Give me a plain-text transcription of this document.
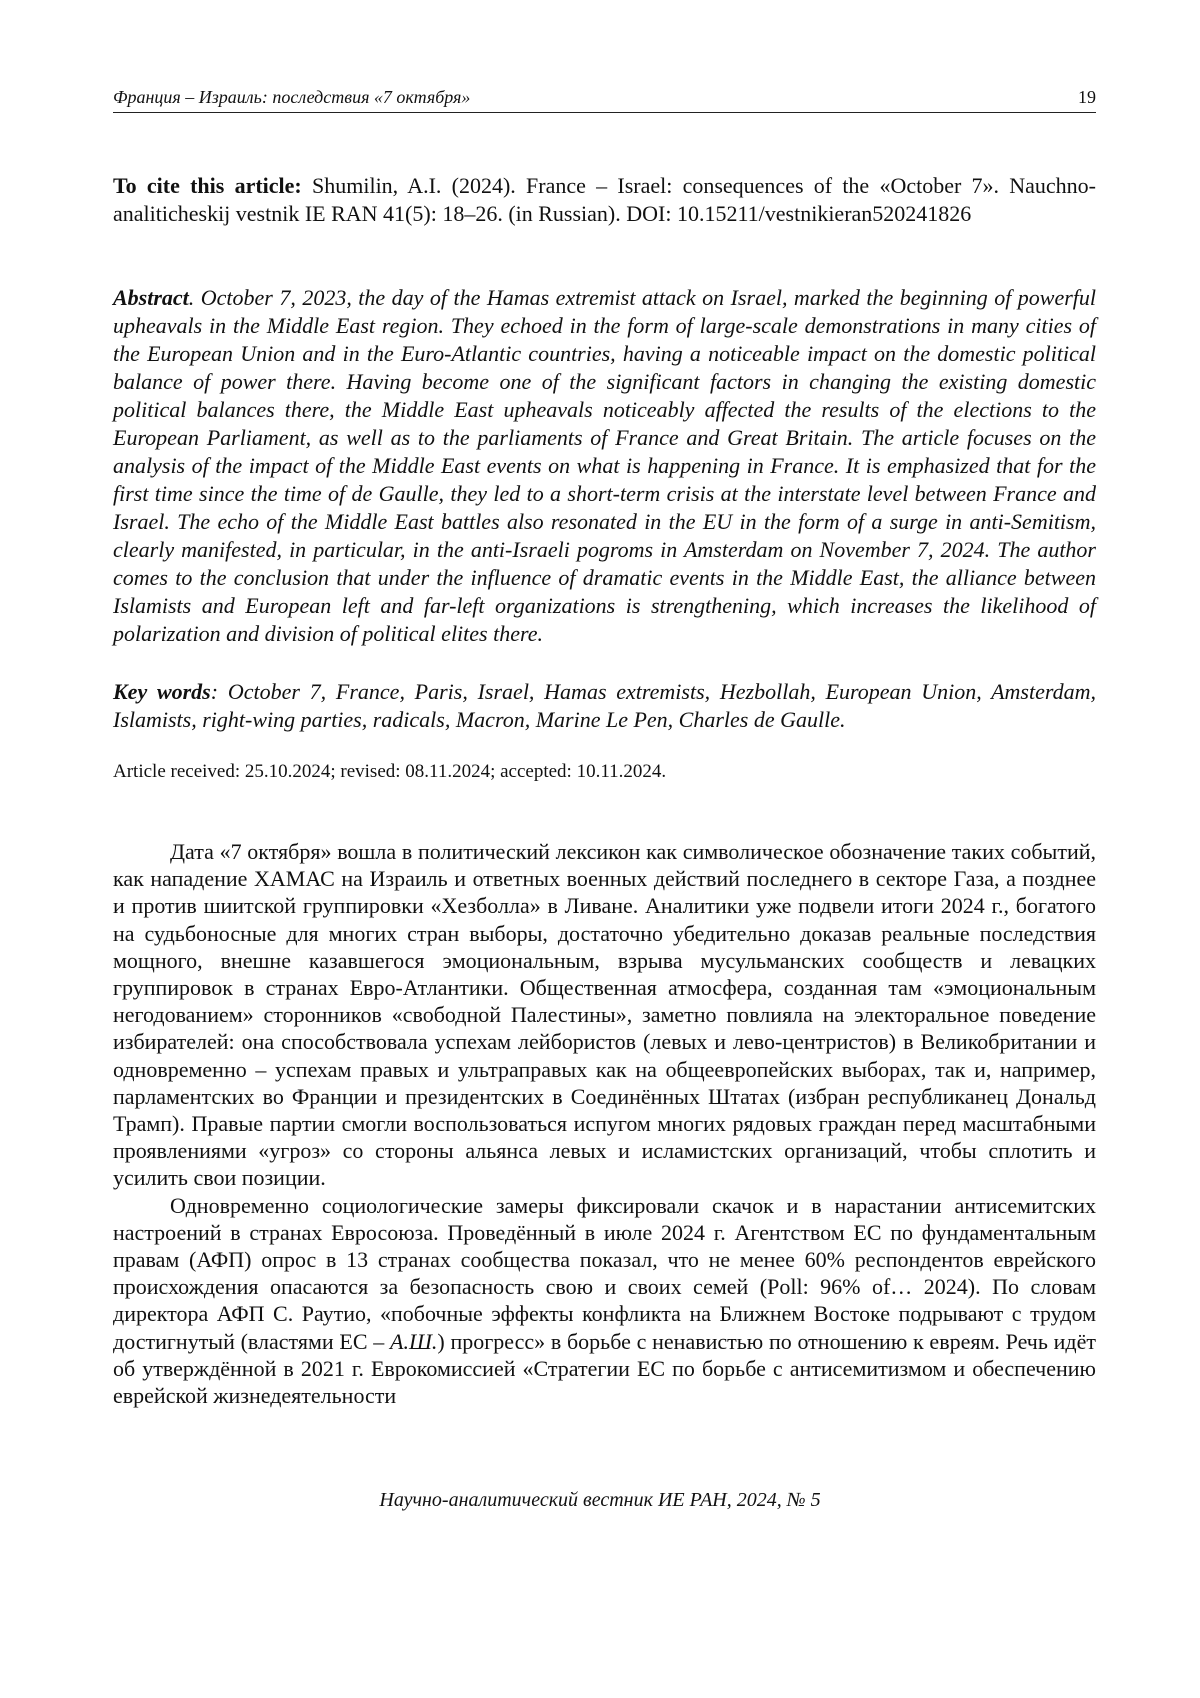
Франция – Израиль: последствия «7 октября»	19
To cite this article: Shumilin, A.I. (2024). France – Israel: consequences of the «October 7». Nauchno-analiticheskij vestnik IE RAN 41(5): 18–26. (in Russian). DOI: 10.15211/vestnikieran520241826
Abstract. October 7, 2023, the day of the Hamas extremist attack on Israel, marked the beginning of powerful upheavals in the Middle East region. They echoed in the form of large-scale demonstrations in many cities of the European Union and in the Euro-Atlantic countries, having a noticeable impact on the domestic political balance of power there. Having become one of the significant factors in changing the existing domestic political balances there, the Middle East upheavals noticeably affected the results of the elections to the European Parliament, as well as to the parliaments of France and Great Britain. The article focuses on the analysis of the impact of the Middle East events on what is happening in France. It is emphasized that for the first time since the time of de Gaulle, they led to a short-term crisis at the interstate level between France and Israel. The echo of the Middle East battles also resonated in the EU in the form of a surge in anti-Semitism, clearly manifested, in particular, in the anti-Israeli pogroms in Amsterdam on November 7, 2024. The author comes to the conclusion that under the influence of dramatic events in the Middle East, the alliance between Islamists and European left and far-left organizations is strengthening, which increases the likelihood of polarization and division of political elites there.
Key words: October 7, France, Paris, Israel, Hamas extremists, Hezbollah, European Union, Amsterdam, Islamists, right-wing parties, radicals, Macron, Marine Le Pen, Charles de Gaulle.
Article received: 25.10.2024; revised: 08.11.2024; accepted: 10.11.2024.

Дата «7 октября» вошла в политический лексикон как символическое обозначение таких событий, как нападение ХАМАС на Израиль и ответных военных действий последнего в секторе Газа, а позднее и против шиитской группировки «Хезболла» в Ливане. Аналитики уже подвели итоги 2024 г., богатого на судьбоносные для многих стран выборы, достаточно убедительно доказав реальные последствия мощного, внешне казавшегося эмоциональным, взрыва мусульманских сообществ и левацких группировок в странах Евро-Атлантики. Общественная атмосфера, созданная там «эмоциональным негодованием» сторонников «свободной Палестины», заметно повлияла на электоральное поведение избирателей: она способствовала успехам лейбористов (левых и лево-центристов) в Великобритании и одновременно – успехам правых и ультраправых как на общеевропейских выборах, так и, например, парламентских во Франции и президентских в Соединённых Штатах (избран республиканец Дональд Трамп). Правые партии смогли воспользоваться испугом многих рядовых граждан перед масштабными проявлениями «угроз» со стороны альянса левых и исламистских организаций, чтобы сплотить и усилить свои позиции.

Одновременно социологические замеры фиксировали скачок и в нарастании антисемитских настроений в странах Евросоюза. Проведённый в июле 2024 г. Агентством ЕС по фундаментальным правам (АФП) опрос в 13 странах сообщества показал, что не менее 60% респондентов еврейского происхождения опасаются за безопасность свою и своих семей (Poll: 96% of… 2024). По словам директора АФП С. Раутио, «побочные эффекты конфликта на Ближнем Востоке подрывают с трудом достигнутый (властями ЕС – А.Ш.) прогресс» в борьбе с ненавистью по отношению к евреям. Речь идёт об утверждённой в 2021 г. Еврокомиссией «Стратегии ЕС по борьбе с антисемитизмом и обеспечению еврейской жизнедеятельности

Научно-аналитический вестник ИЕ РАН, 2024, № 5
